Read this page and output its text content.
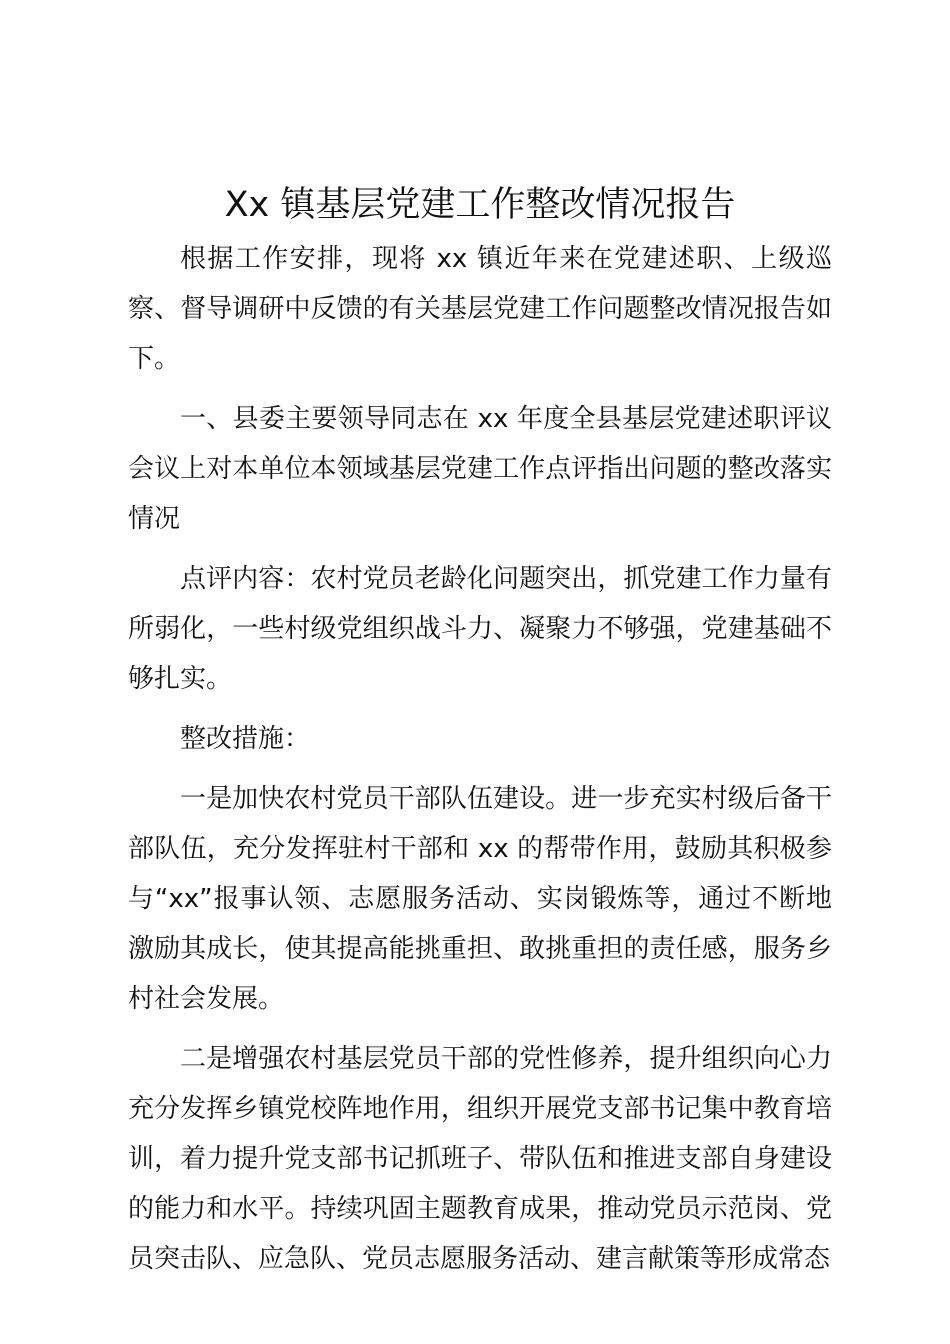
Xx 镇基层党建工作整改情况报告

根据工作安排，现将 xx 镇近年来在党建述职、上级巡察、督导调研中反馈的有关基层党建工作问题整改情况报告如下。

一、县委主要领导同志在 xx 年度全县基层党建述职评议会议上对本单位本领域基层党建工作点评指出问题的整改落实情况

点评内容：农村党员老龄化问题突出，抓党建工作力量有所弱化，一些村级党组织战斗力、凝聚力不够强，党建基础不够扎实。

整改措施：

一是加快农村党员干部队伍建设。进一步充实村级后备干部队伍，充分发挥驻村干部和 xx 的帮带作用，鼓励其积极参与“xx”报事认领、志愿服务活动、实岗锻炼等，通过不断地激励其成长，使其提高能挑重担、敢挑重担的责任感，服务乡村社会发展。

二是增强农村基层党员干部的党性修养，提升组织向心力充分发挥乡镇党校阵地作用，组织开展党支部书记集中教育培训，着力提升党支部书记抓班子、带队伍和推进支部自身建设的能力和水平。持续巩固主题教育成果，推动党员示范岗、党员突击队、应急队、党员志愿服务活动、建言献策等形成常态
